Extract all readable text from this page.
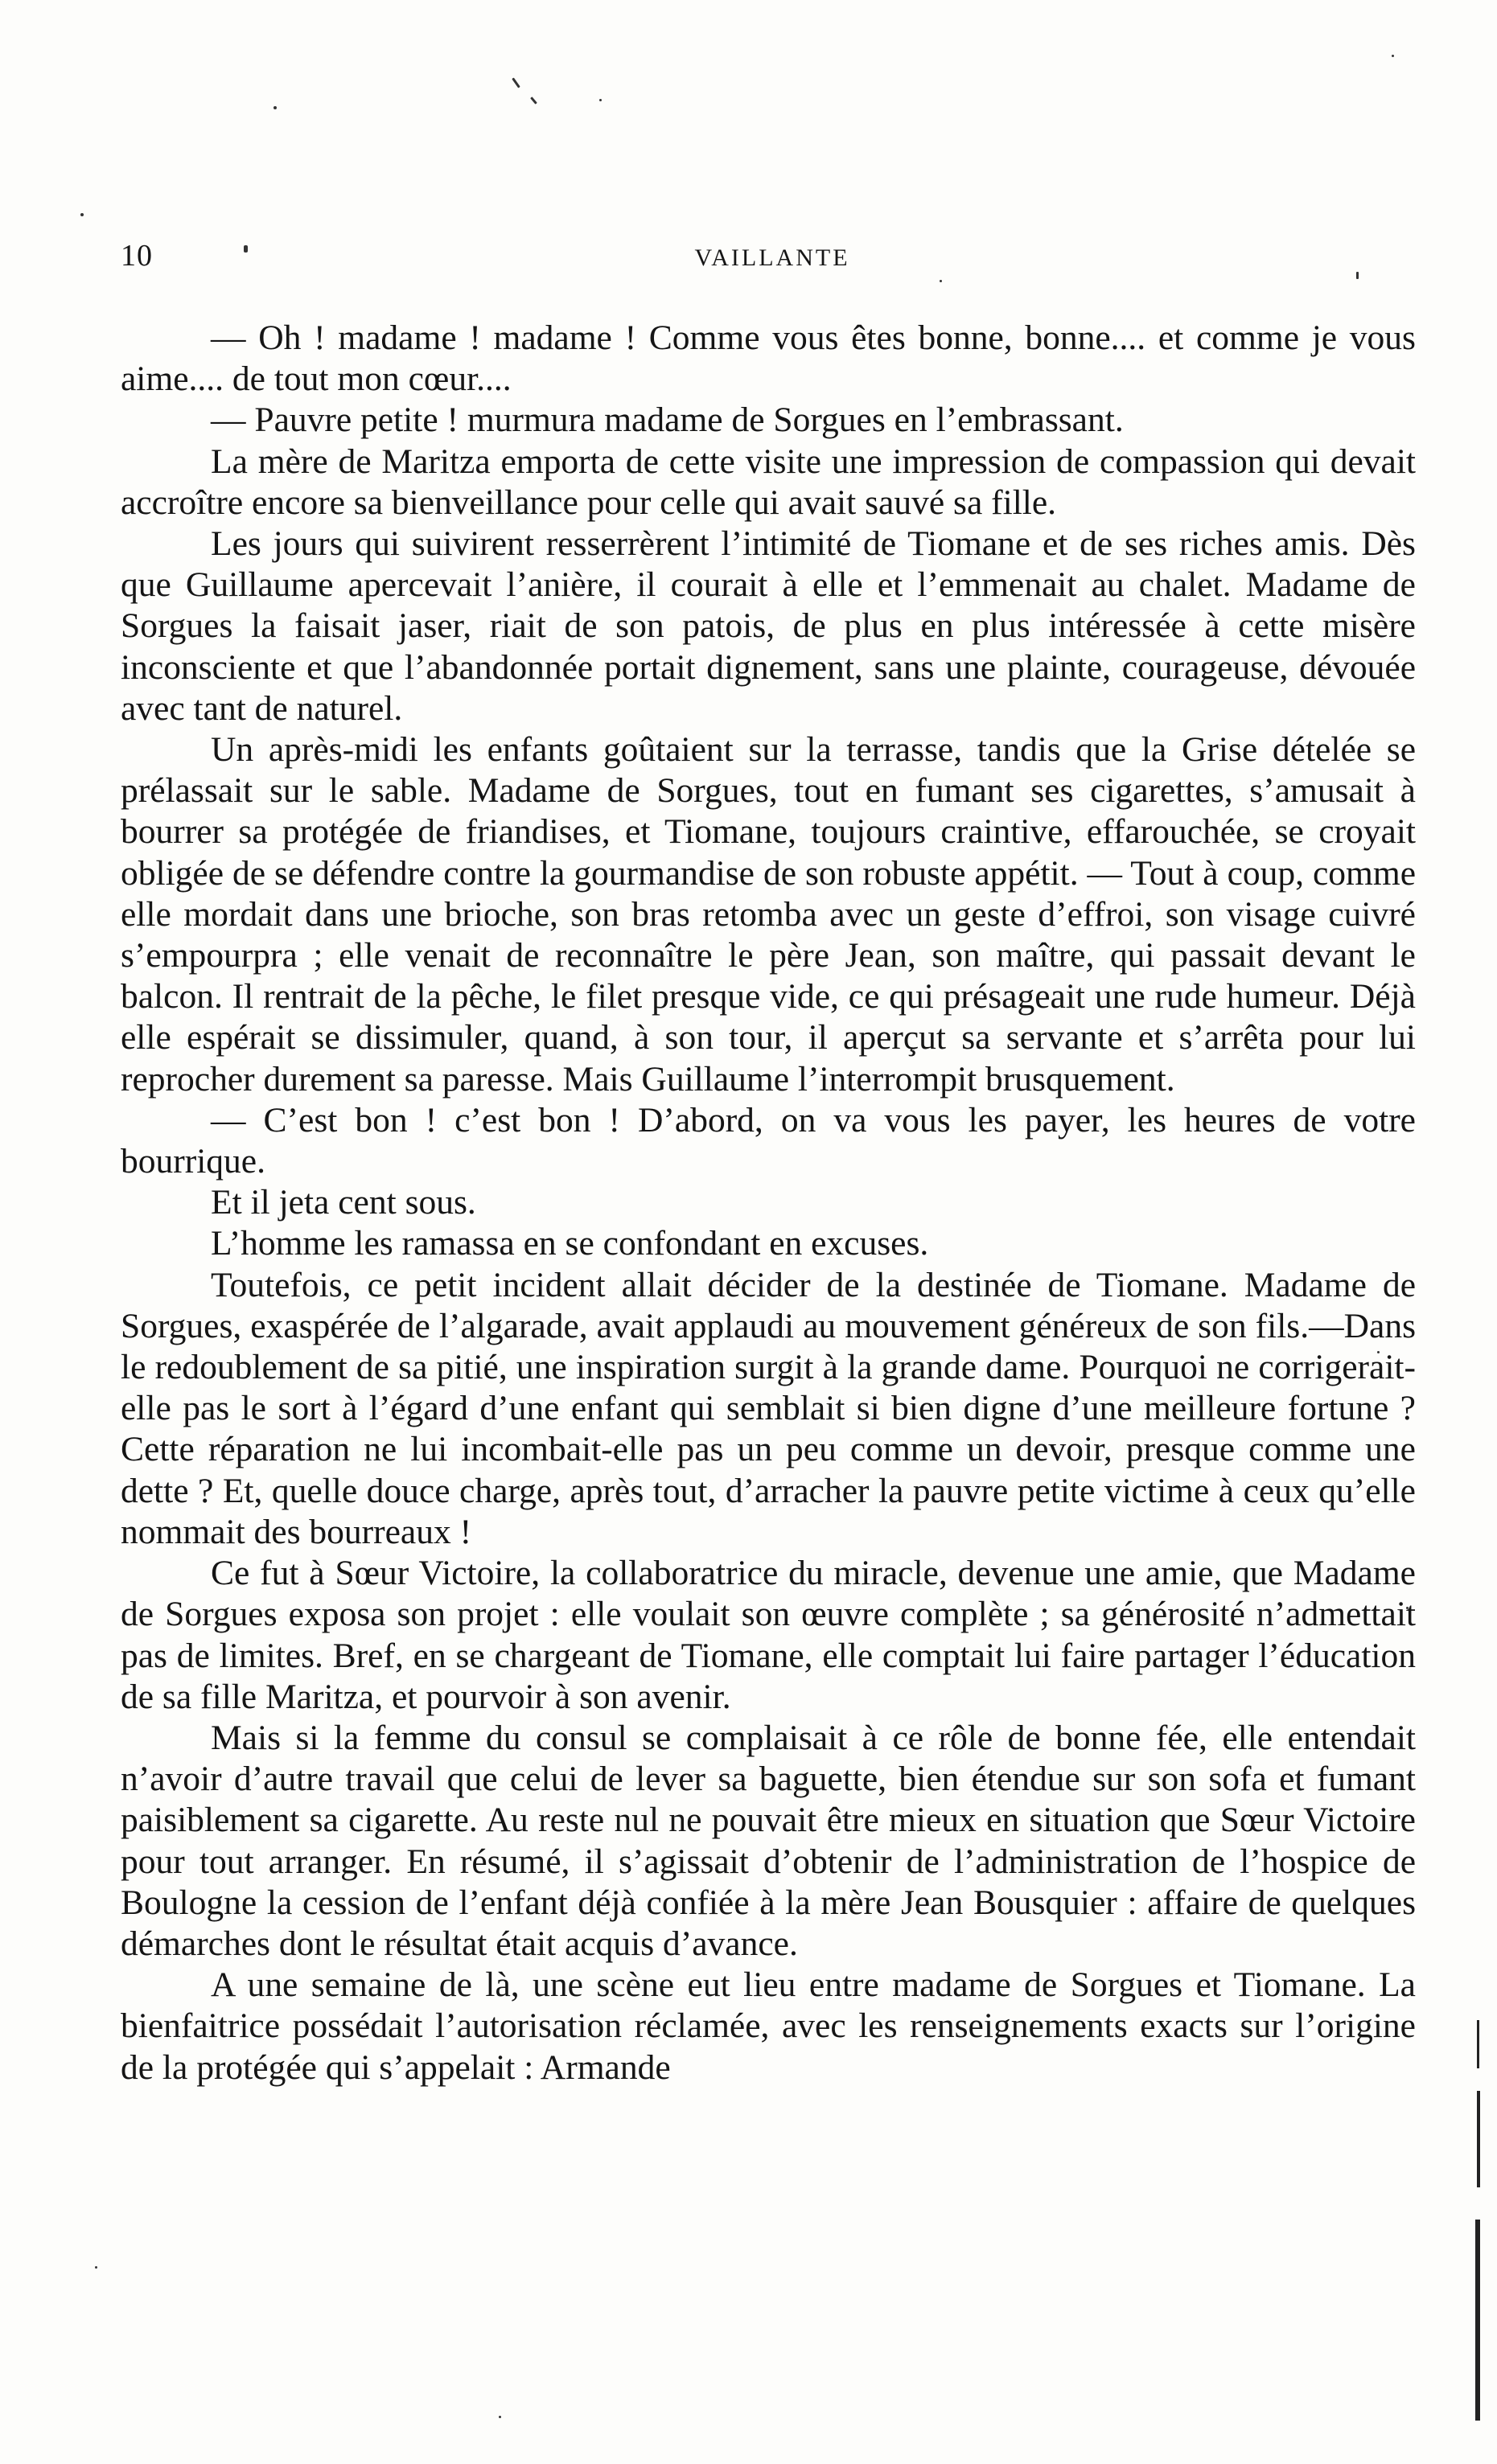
10	VAILLANTE

— Oh ! madame ! madame ! Comme vous êtes bonne, bonne.... et comme je vous aime.... de tout mon cœur....

— Pauvre petite ! murmura madame de Sorgues en l’embrassant.

La mère de Maritza emporta de cette visite une impression de compassion qui devait accroître encore sa bienveillance pour celle qui avait sauvé sa fille.

Les jours qui suivirent resserrèrent l’intimité de Tiomane et de ses riches amis. Dès que Guillaume apercevait l’anière, il courait à elle et l’emmenait au chalet. Madame de Sorgues la faisait jaser, riait de son patois, de plus en plus intéressée à cette misère inconsciente et que l’abandonnée portait dignement, sans une plainte, courageuse, dévouée avec tant de naturel.

Un après-midi les enfants goûtaient sur la terrasse, tandis que la Grise dételée se prélassait sur le sable. Madame de Sorgues, tout en fumant ses cigarettes, s’amusait à bourrer sa protégée de friandises, et Tiomane, toujours craintive, effarouchée, se croyait obligée de se défendre contre la gourmandise de son robuste appétit. — Tout à coup, comme elle mordait dans une brioche, son bras retomba avec un geste d’effroi, son visage cuivré s’empourpra ; elle venait de reconnaître le père Jean, son maître, qui passait devant le balcon. Il rentrait de la pêche, le filet presque vide, ce qui présageait une rude humeur. Déjà elle espérait se dissimuler, quand, à son tour, il aperçut sa servante et s’arrêta pour lui reprocher durement sa paresse. Mais Guillaume l’interrompit brusquement.

— C’est bon ! c’est bon ! D’abord, on va vous les payer, les heures de votre bourrique.

Et il jeta cent sous.

L’homme les ramassa en se confondant en excuses.

Toutefois, ce petit incident allait décider de la destinée de Tiomane. Madame de Sorgues, exaspérée de l’algarade, avait applaudi au mouvement généreux de son fils.—Dans le redoublement de sa pitié, une inspiration surgit à la grande dame. Pourquoi ne corrigerait-elle pas le sort à l’égard d’une enfant qui semblait si bien digne d’une meilleure fortune ? Cette réparation ne lui incombait-elle pas un peu comme un devoir, presque comme une dette ? Et, quelle douce charge, après tout, d’arracher la pauvre petite victime à ceux qu’elle nommait des bourreaux !

Ce fut à Sœur Victoire, la collaboratrice du miracle, devenue une amie, que Madame de Sorgues exposa son projet : elle voulait son œuvre complète ; sa générosité n’admettait pas de limites. Bref, en se chargeant de Tiomane, elle comptait lui faire partager l’éducation de sa fille Maritza, et pourvoir à son avenir.

Mais si la femme du consul se complaisait à ce rôle de bonne fée, elle entendait n’avoir d’autre travail que celui de lever sa baguette, bien étendue sur son sofa et fumant paisiblement sa cigarette. Au reste nul ne pouvait être mieux en situation que Sœur Victoire pour tout arranger. En résumé, il s’agissait d’obtenir de l’administration de l’hospice de Boulogne la cession de l’enfant déjà confiée à la mère Jean Bousquier : affaire de quelques démarches dont le résultat était acquis d’avance.

A une semaine de là, une scène eut lieu entre madame de Sorgues et Tiomane. La bienfaitrice possédait l’autorisation réclamée, avec les renseignements exacts sur l’origine de la protégée qui s’appelait : Armande
